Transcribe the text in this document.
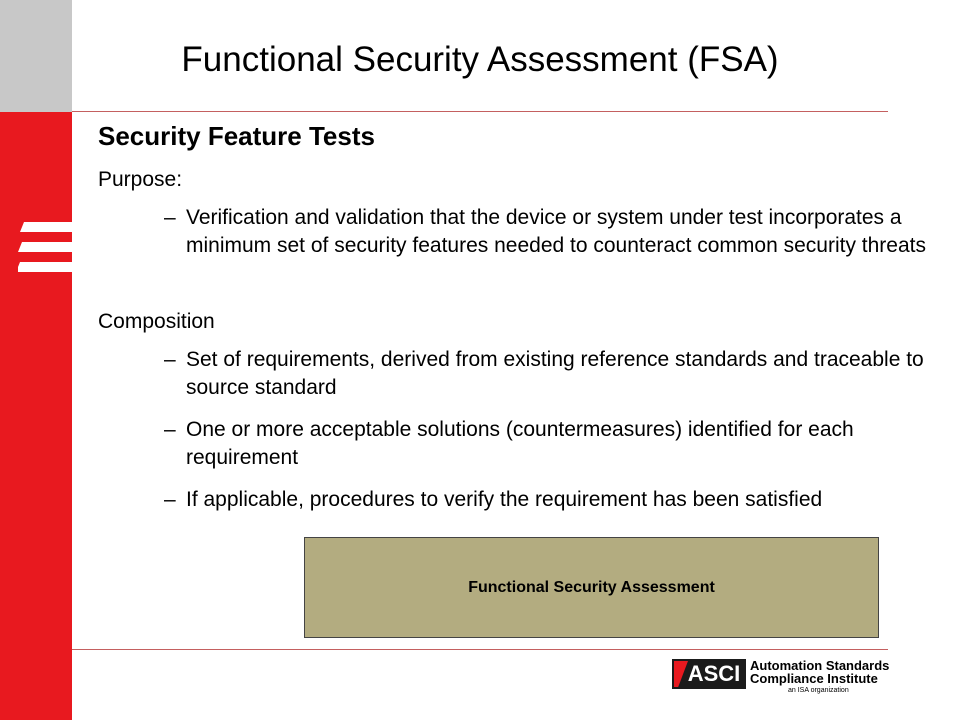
Functional Security Assessment (FSA)
Security Feature Tests
Purpose:
– Verification and validation that the device or system under test incorporates a minimum set of security features needed to counteract common security threats
Composition
– Set of requirements, derived from existing reference standards and traceable to source standard
– One or more acceptable solutions (countermeasures) identified for each requirement
– If applicable, procedures to verify the requirement has been satisfied
Functional Security Assessment
ASCI Automation Standards
Compliance Institute
an ISA organization
